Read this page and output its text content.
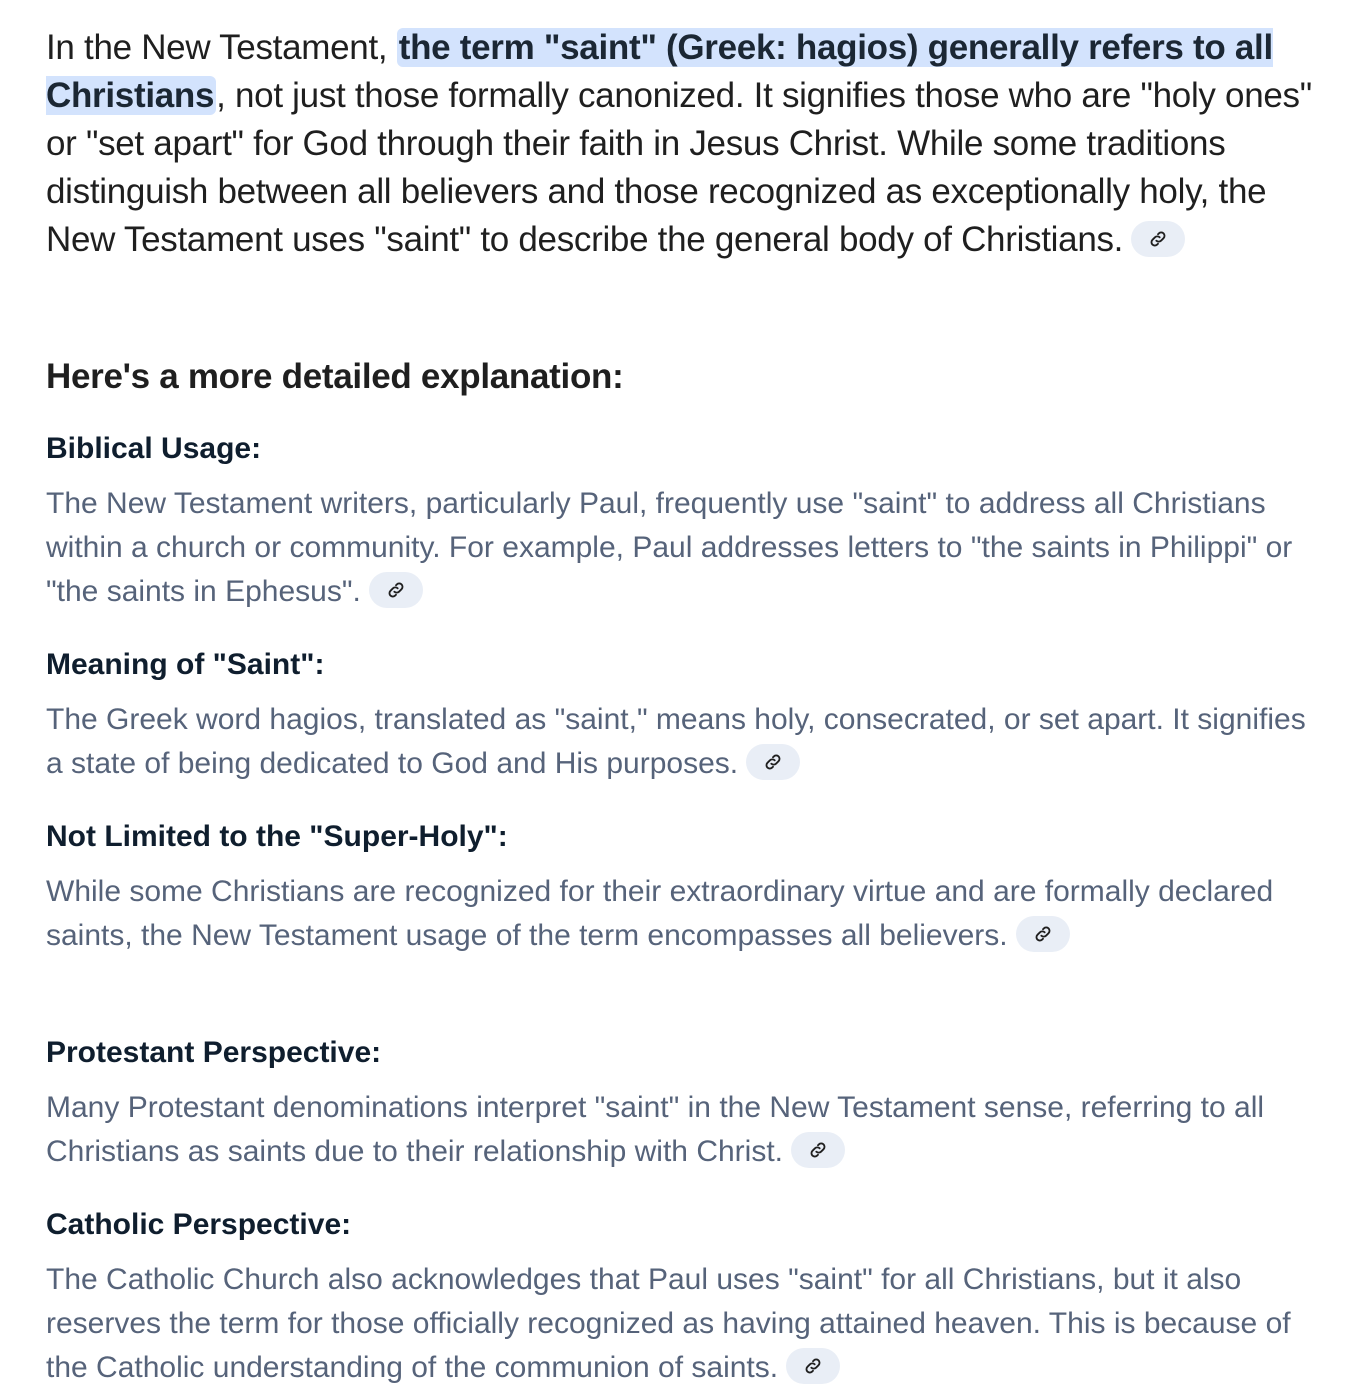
In the New Testament, the term "saint" (Greek: hagios) generally refers to all Christians, not just those formally canonized. It signifies those who are "holy ones" or "set apart" for God through their faith in Jesus Christ. While some traditions distinguish between all believers and those recognized as exceptionally holy, the New Testament uses "saint" to describe the general body of Christians.

Here's a more detailed explanation:
Biblical Usage:

The New Testament writers, particularly Paul, frequently use "saint" to address all Christians within a church or community. For example, Paul addresses letters to "the saints in Philippi" or "the saints in Ephesus".

Meaning of "Saint":

The Greek word hagios, translated as "saint," means holy, consecrated, or set apart. It signifies a state of being dedicated to God and His purposes.

Not Limited to the "Super-Holy":

While some Christians are recognized for their extraordinary virtue and are formally declared saints, the New Testament usage of the term encompasses all believers.

Protestant Perspective:

Many Protestant denominations interpret "saint" in the New Testament sense, referring to all Christians as saints due to their relationship with Christ.

Catholic Perspective:

The Catholic Church also acknowledges that Paul uses "saint" for all Christians, but it also reserves the term for those officially recognized as having attained heaven. This is because of the Catholic understanding of the communion of saints.
